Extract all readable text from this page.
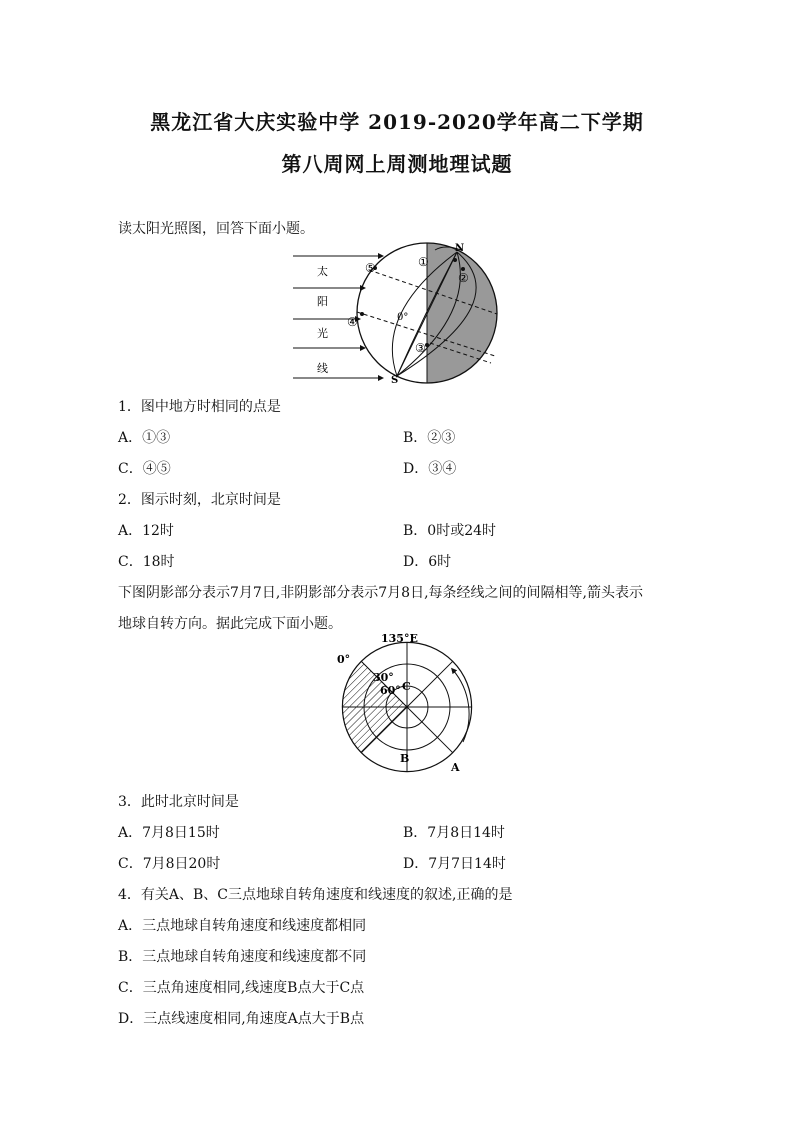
黑龙江省大庆实验中学 2019-2020学年高二下学期
第八周网上周测地理试题
读太阳光照图，回答下面小题。
太
阳
光
线
N
S
0°
①
②
③
④
⑤
1．图中地方时相同的点是
A．①③	B．②③
C．④⑤	D．③④
2．图示时刻，北京时间是
A．12时	B．0时或24时
C．18时	D．6时
下图阴影部分表示7月7日,非阴影部分表示7月8日,每条经线之间的间隔相等,箭头表示
地球自转方向。据此完成下面小题。
135°E
0°
30°
60° C
B
A
3．此时北京时间是
A．7月8日15时	B．7月8日14时
C．7月8日20时	D．7月7日14时
4．有关A、B、C三点地球自转角速度和线速度的叙述,正确的是
A．三点地球自转角速度和线速度都相同
B．三点地球自转角速度和线速度都不同
C．三点角速度相同,线速度B点大于C点
D．三点线速度相同,角速度A点大于B点
